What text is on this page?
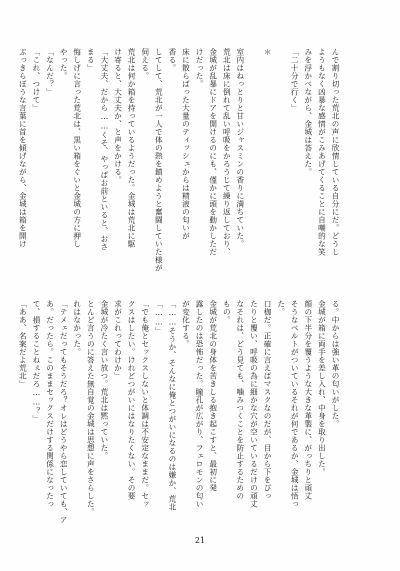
んで割り切った荒北の声に欣情している自分にだ。どうし
ようもなく凶暴な感情がこみあげてくることに自嘲的な笑
みを浮かべながら、金城は答えた。
「二十分で行く」

＊

室内はねっとりと甘いジャスミンの香りに満ちていた。
荒北は床に倒れて乱い呼吸をかろうじて繰り返しており、
金城が乱暴にドアを開けるのにも、僅かに頭を動かしただ
けだった。
床に散らばった大量のティッシュからは精液の匂いが
香る。
してして、荒北が一人で体の熱を鎮めようと奮闘していた様が
伺える。
荒北は何か箱を持っているようだった。金城は荒北に駆
け寄ると、大丈夫か、と声をかける。
「大丈夫、だから……くそ、やっぱお前といると、おさ
まる」
悔しげに言った荒北は、黒い箱をぐいと金城の方に押し
やった。
「なんだ？」
「これ、つけて」
ぶっきらぼうな言葉に首を傾げながら、金城は箱を開け
る。中からは強い革の匂いがした。
金城が箱に両手を差し入れ、中身を取り出した。
顔の下半分を覆うような大きな革製に、がっちりと頑丈
そうなベルトがついているそれが何であるか、金城は悟っ
た。
口枷だ。正確に言えばマスクなのだが、目から下をぴっ
たりと覆い、呼吸の為に細かな穴が空いているだけの頑丈
なそれは、どう見ても、噛みつくことを防止するための
もの。
金城が荒北の身体を苦きしる抱き起こすと、最初に発
露したのは恐怖だった。瞳孔が広がり、フェロモンの匂い
が変化する。
「……そうか、そんなに俺とつがいになるのは嫌か、荒北
「……」
「でも俺とセックスしないと体調は不安定なままだ。セッ
クスはしたい。けれどつがいにはなりたくない。その要
求がこれってわけか」
金城が冷たく言い放つ。荒北は黙っていた。
とんど言うのに答えた無自覚の金城は思想に声をさらした。
れはなかった。
「テメェだってもそうだろ？オレはどうやら恋していても、ア
あ。だったら。このままセックスだけする関係になったっ
て、損することねぇだろ……？」
「ああ、名案だよ荒北」
21
